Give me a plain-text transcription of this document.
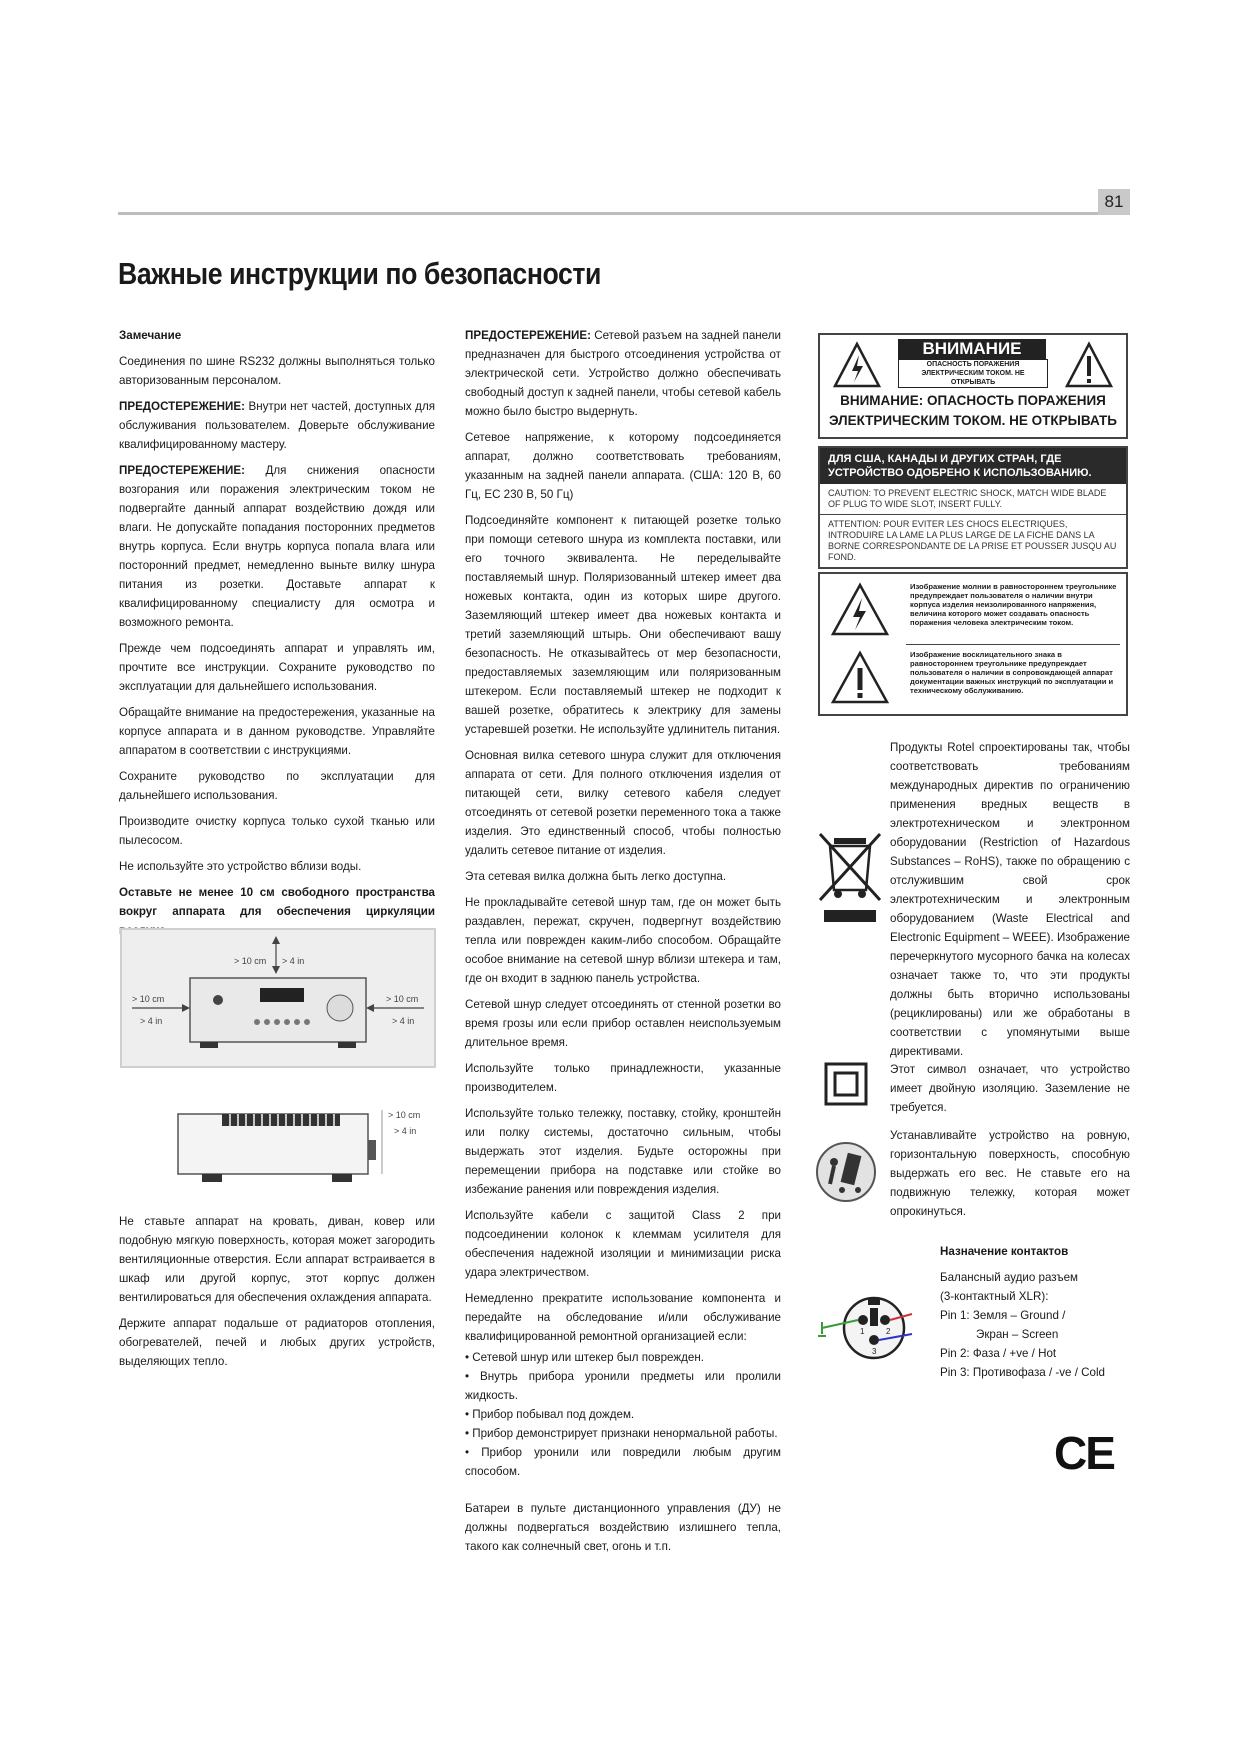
81
Важные инструкции по безопасности

Замечание

Соединения по шине RS232 должны выполняться только авторизованным персоналом.

ПРЕДОСТЕРЕЖЕНИЕ: Внутри нет частей, доступных для обслуживания пользователем. Доверьте обслуживание квалифицированному мастеру.

ПРЕДОСТЕРЕЖЕНИЕ: Для снижения опасности возгорания или поражения электрическим током не подвергайте данный аппарат воздействию дождя или влаги. Не допускайте попадания посторонних предметов внутрь корпуса. Если внутрь корпуса попала влага или посторонний предмет, немедленно выньте вилку шнура питания из розетки. Доставьте аппарат к квалифицированному специалисту для осмотра и возможного ремонта.

Прежде чем подсоединять аппарат и управлять им, прочтите все инструкции. Сохраните руководство по эксплуатации для дальнейшего использования.

Обращайте внимание на предостережения, указанные на корпусе аппарата и в данном руководстве. Управляйте аппаратом в соответствии с инструкциями.

Сохраните руководство по эксплуатации для дальнейшего использования.

Производите очистку корпуса только сухой тканью или пылесосом.

Не используйте это устройство вблизи воды.

Оставьте не менее 10 см свободного пространства вокруг аппарата для обеспечения циркуляции

> 10 cm > 4 in
> 10 cm
> 4 in
> 10 cm
> 4 in
> 10 cm
> 4 in

Не ставьте аппарат на кровать, диван, ковер или подобную мягкую поверхность, которая может загородить вентиляционные отверстия. Если аппарат встраивается в шкаф или другой корпус, этот корпус должен вентилироваться для обеспечения охлаждения аппарата.

Держите аппарат подальше от радиаторов отопления, обогревателей, печей и любых других устройств, выделяющих тепло.

ПРЕДОСТЕРЕЖЕНИЕ: Сетевой разъем на задней панели предназначен для быстрого отсоединения устройства от электрической сети. Устройство должно обеспечивать свободный доступ к задней панели, чтобы сетевой кабель можно было быстро выдернуть.

Сетевое напряжение, к которому подсоединяется аппарат, должно соответствовать требованиям, указанным на задней панели аппарата. (США: 120 В, 60 Гц, ЕС 230 В, 50 Гц)

Подсоединяйте компонент к питающей розетке только при помощи сетевого шнура из комплекта поставки, или его точного эквивалента. Не переделывайте поставляемый шнур. Поляризованный штекер имеет два ножевых контакта, один из которых шире другого. Заземляющий штекер имеет два ножевых контакта и третий заземляющий штырь. Они обеспечивают вашу безопасность. Не отказывайтесь от мер безопасности, предоставляемых заземляющим или поляризованным штекером. Если поставляемый штекер не подходит к вашей розетке, обратитесь к электрику для замены устаревшей розетки. Не используйте удлинитель питания.

Основная вилка сетевого шнура служит для отключения аппарата от сети. Для полного отключения изделия от питающей сети, вилку сетевого кабеля следует отсоединять от сетевой розетки переменного тока а также изделия. Это единственный способ, чтобы полностью удалить сетевое питание от изделия.

Эта сетевая вилка должна быть легко доступна.

Не прокладывайте сетевой шнур там, где он может быть раздавлен, пережат, скручен, подвергнут воздействию тепла или поврежден каким-либо способом. Обращайте особое внимание на сетевой шнур вблизи штекера и там, где он входит в заднюю панель устройства.

Сетевой шнур следует отсоединять от стенной розетки во время грозы или если прибор оставлен неиспользуемым длительное время.

Используйте только принадлежности, указанные производителем.

Используйте только тележку, поставку, стойку, кронштейн или полку системы, достаточно сильным, чтобы выдержать этот изделия. Будьте осторожны при перемещении прибора на подставке или стойке во избежание ранения или повреждения изделия.

Используйте кабели с защитой Class 2 при подсоединении колонок к клеммам усилителя для обеспечения надежной изоляции и минимизации риска удара электричеством.

Немедленно прекратите использование компонента и передайте на обследование и/или обслуживание квалифицированной ремонтной организацией если:

• Сетевой шнур или штекер был поврежден.
• Внутрь прибора уронили предметы или пролили жидкость.
• Прибор побывал под дождем.
• Прибор демонстрирует признаки ненормальной работы.
• Прибор уронили или повредили любым другим способом.

Батареи в пульте дистанционного управления (ДУ) не должны подвергаться воздействию излишнего тепла, такого как солнечный свет, огонь и т.п.

ВНИМАНИЕ
ОПАСНОСТЬ ПОРАЖЕНИЯ
ЭЛЕКТРИЧЕСКИМ ТОКОМ. НЕ ОТКРЫВАТЬ
ВНИМАНИЕ: ОПАСНОСТЬ ПОРАЖЕНИЯ
ЭЛЕКТРИЧЕСКИМ ТОКОМ. НЕ ОТКРЫВАТЬ
ДЛЯ США, КАНАДЫ И ДРУГИХ СТРАН, ГДЕ УСТРОЙСТВО ОДОБРЕНО К ИСПОЛЬЗОВАНИЮ.
CAUTION: TO PREVENT ELECTRIC SHOCK, MATCH WIDE BLADE OF PLUG TO WIDE SLOT, INSERT FULLY.
ATTENTION: POUR EVITER LES CHOCS ELECTRIQUES, INTRODUIRE LA LAME LA PLUS LARGE DE LA FICHE DANS LA BORNE CORRESPONDANTE DE LA PRISE ET POUSSER JUSQU AU FOND.
Изображение молнии в равностороннем треугольнике предупреждает пользователя о наличии внутри корпуса изделия неизолированного напряжения, величина которого может создавать опасность поражения человека электрическим током.
Изображение восклицательного знака в равностороннем треугольнике предупреждает пользователя о наличии в сопровождающей аппарат документации важных инструкций по эксплуатации и техническому обслуживанию.
Продукты Rotel спроектированы так, чтобы соответствовать требованиям международных директив по ограничению применения вредных веществ в электротехническом и электронном оборудовании (Restriction of Hazardous Substances – RoHS), также по обращению с отслужившим свой срок электротехническим и электронным оборудованием (Waste Electrical and Electronic Equipment – WEEE). Изображение перечеркнутого мусорного бачка на колесах означает также то, что эти продукты должны быть вторично использованы (рециклированы) или же обработаны в соответствии с упомянутыми выше директивами.
Этот символ означает, что устройство имеет двойную изоляцию. Заземление не требуется.
Устанавливайте устройство на ровную, горизонтальную поверхность, способную выдержать его вес. Не ставьте его на подвижную тележку, которая может опрокинуться.

Назначение контактов

Балансный аудио разъем

(3-контактный XLR):

Pin 1: Земля – Ground /

Экран – Screen

Pin 2: Фаза / +ve / Hot

Pin 3: Противофаза / -ve / Cold

1	2
3
CE
